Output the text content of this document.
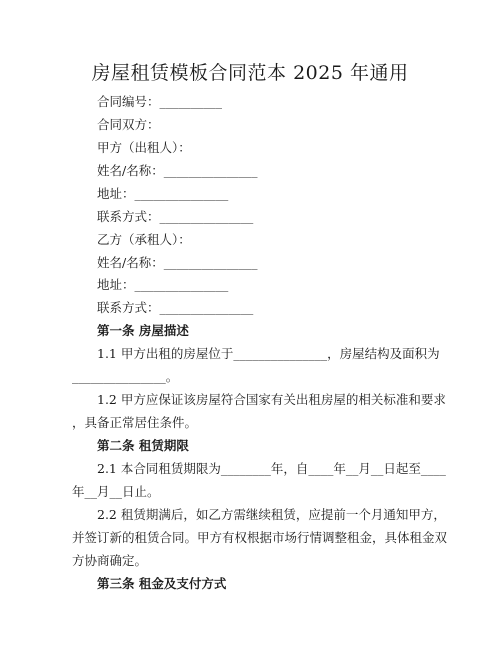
房屋租赁模板合同范本 2025 年通用
合同编号：__________
合同双方：
甲方（出租人）：
姓名/名称：_______________
地址：_______________
联系方式：_______________
乙方（承租人）：
姓名/名称：_______________
地址：_______________
联系方式：_______________
第一条 房屋描述
1.1 甲方出租的房屋位于_______________，房屋结构及面积为
_______________。
1.2 甲方应保证该房屋符合国家有关出租房屋的相关标准和要求
，具备正常居住条件。
第二条 租赁期限
2.1 本合同租赁期限为________年，自____年__月__日起至____
年__月__日止。
2.2 租赁期满后，如乙方需继续租赁，应提前一个月通知甲方，
并签订新的租赁合同。甲方有权根据市场行情调整租金，具体租金双
方协商确定。
第三条 租金及支付方式
